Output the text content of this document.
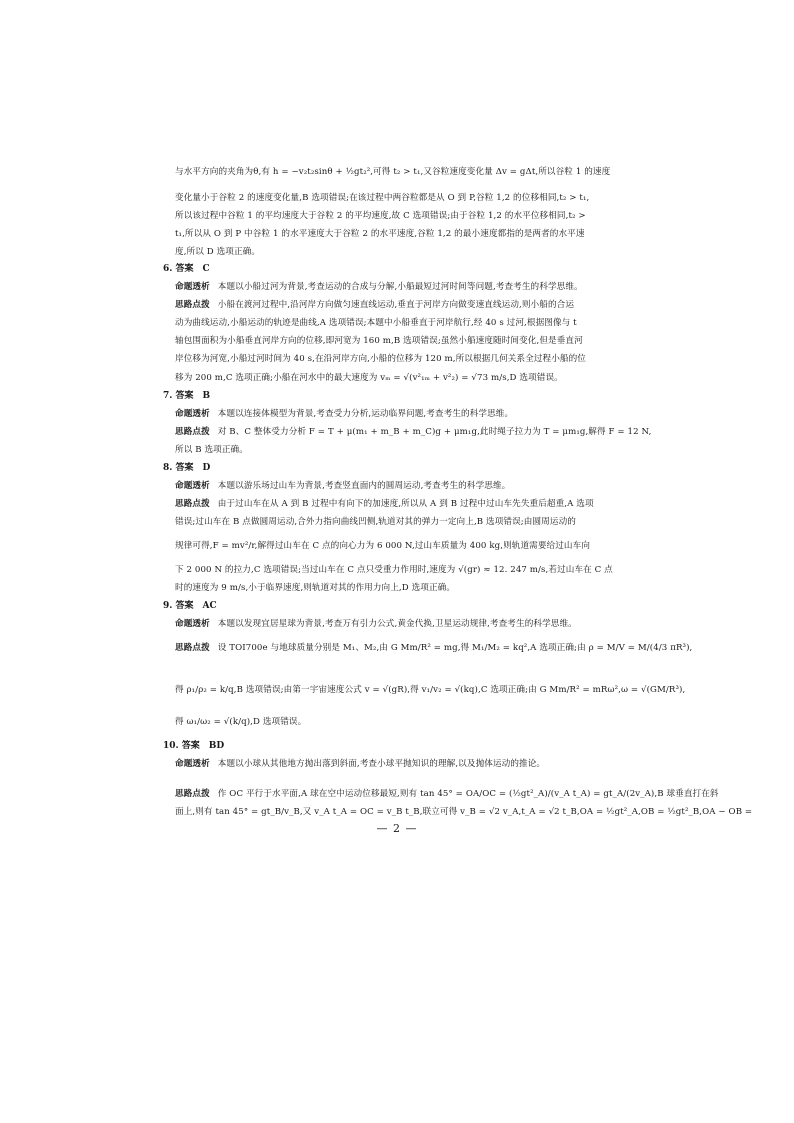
与水平方向的夹角为θ,有 h = −v₂t₂sinθ + ½gt₂²,可得 t₂ > t₁,又谷粒速度变化量 Δv = gΔt,所以谷粒 1 的速度
变化量小于谷粒 2 的速度变化量,B 选项错误;在该过程中两谷粒都是从 O 到 P,谷粒 1,2 的位移相同,t₂ > t₁,
所以该过程中谷粒 1 的平均速度大于谷粒 2 的平均速度,故 C 选项错误;由于谷粒 1,2 的水平位移相同,t₂ >
t₁,所以从 O 到 P 中谷粒 1 的水平速度大于谷粒 2 的水平速度,谷粒 1,2 的最小速度都指的是两者的水平速
度,所以 D 选项正确。
6. 答案　C
命题透析 本题以小船过河为背景,考查运动的合成与分解,小船最短过河时间等问题,考查考生的科学思维。
思路点拨 小船在渡河过程中,沿河岸方向做匀速直线运动,垂直于河岸方向做变速直线运动,则小船的合运
动为曲线运动,小船运动的轨迹是曲线,A 选项错误;本题中小船垂直于河岸航行,经 40 s 过河,根据图像与 t
轴包围面积为小船垂直河岸方向的位移,即河宽为 160 m,B 选项错误;虽然小船速度随时间变化,但是垂直河
岸位移为河宽,小船过河时间为 40 s,在沿河岸方向,小船的位移为 120 m,所以根据几何关系全过程小船的位
移为 200 m,C 选项正确;小船在河水中的最大速度为 vₘ = √(v²₁ₘ + v²₂) = √73 m/s,D 选项错误。
7. 答案　B
命题透析 本题以连接体模型为背景,考查受力分析,运动临界问题,考查考生的科学思维。
思路点拨 对 B、C 整体受力分析 F = T + μ(m₁ + m_B + m_C)g + μm₁g,此时绳子拉力为 T = μm₁g,解得 F = 12 N,
所以 B 选项正确。
8. 答案　D
命题透析 本题以游乐场过山车为背景,考查竖直面内的圆周运动,考查考生的科学思维。
思路点拨 由于过山车在从 A 到 B 过程中有向下的加速度,所以从 A 到 B 过程中过山车先失重后超重,A 选项
错误;过山车在 B 点做圆周运动,合外力指向曲线凹侧,轨道对其的弹力一定向上,B 选项错误;由圆周运动的
规律可得,F = mv²/r,解得过山车在 C 点的向心力为 6 000 N,过山车质量为 400 kg,则轨道需要给过山车向
下 2 000 N 的拉力,C 选项错误;当过山车在 C 点只受重力作用时,速度为 √(gr) ≈ 12. 247 m/s,若过山车在 C 点
时的速度为 9 m/s,小于临界速度,则轨道对其的作用力向上,D 选项正确。
9. 答案　AC
命题透析 本题以发现宜居星球为背景,考查万有引力公式,黄金代换,卫星运动规律,考查考生的科学思维。
思路点拨 设 TOI700e 与地球质量分别是 M₁、M₂,由 G Mm/R² = mg,得 M₁/M₂ = kq²,A 选项正确;由 ρ = M/V = M/(4/3 πR³),
得 ρ₁/ρ₂ = k/q,B 选项错误;由第一宇宙速度公式 v = √(gR),得 v₁/v₂ = √(kq),C 选项正确;由 G Mm/R² = mRω²,ω = √(GM/R³),
得 ω₁/ω₂ = √(k/q),D 选项错误。
10. 答案　BD
命题透析 本题以小球从其他地方抛出落到斜面,考查小球平抛知识的理解,以及抛体运动的推论。
思路点拨 作 OC 平行于水平面,A 球在空中运动位移最短,则有 tan 45° = OA/OC = (½gt²_A)/(v_A t_A) = gt_A/(2v_A),B 球垂直打在斜
面上,则有 tan 45° = gt_B/v_B,又 v_A t_A = OC = v_B t_B,联立可得 v_B = √2 v_A,t_A = √2 t_B,OA = ½gt²_A,OB = ½gt²_B,OA − OB =
— 2 —
